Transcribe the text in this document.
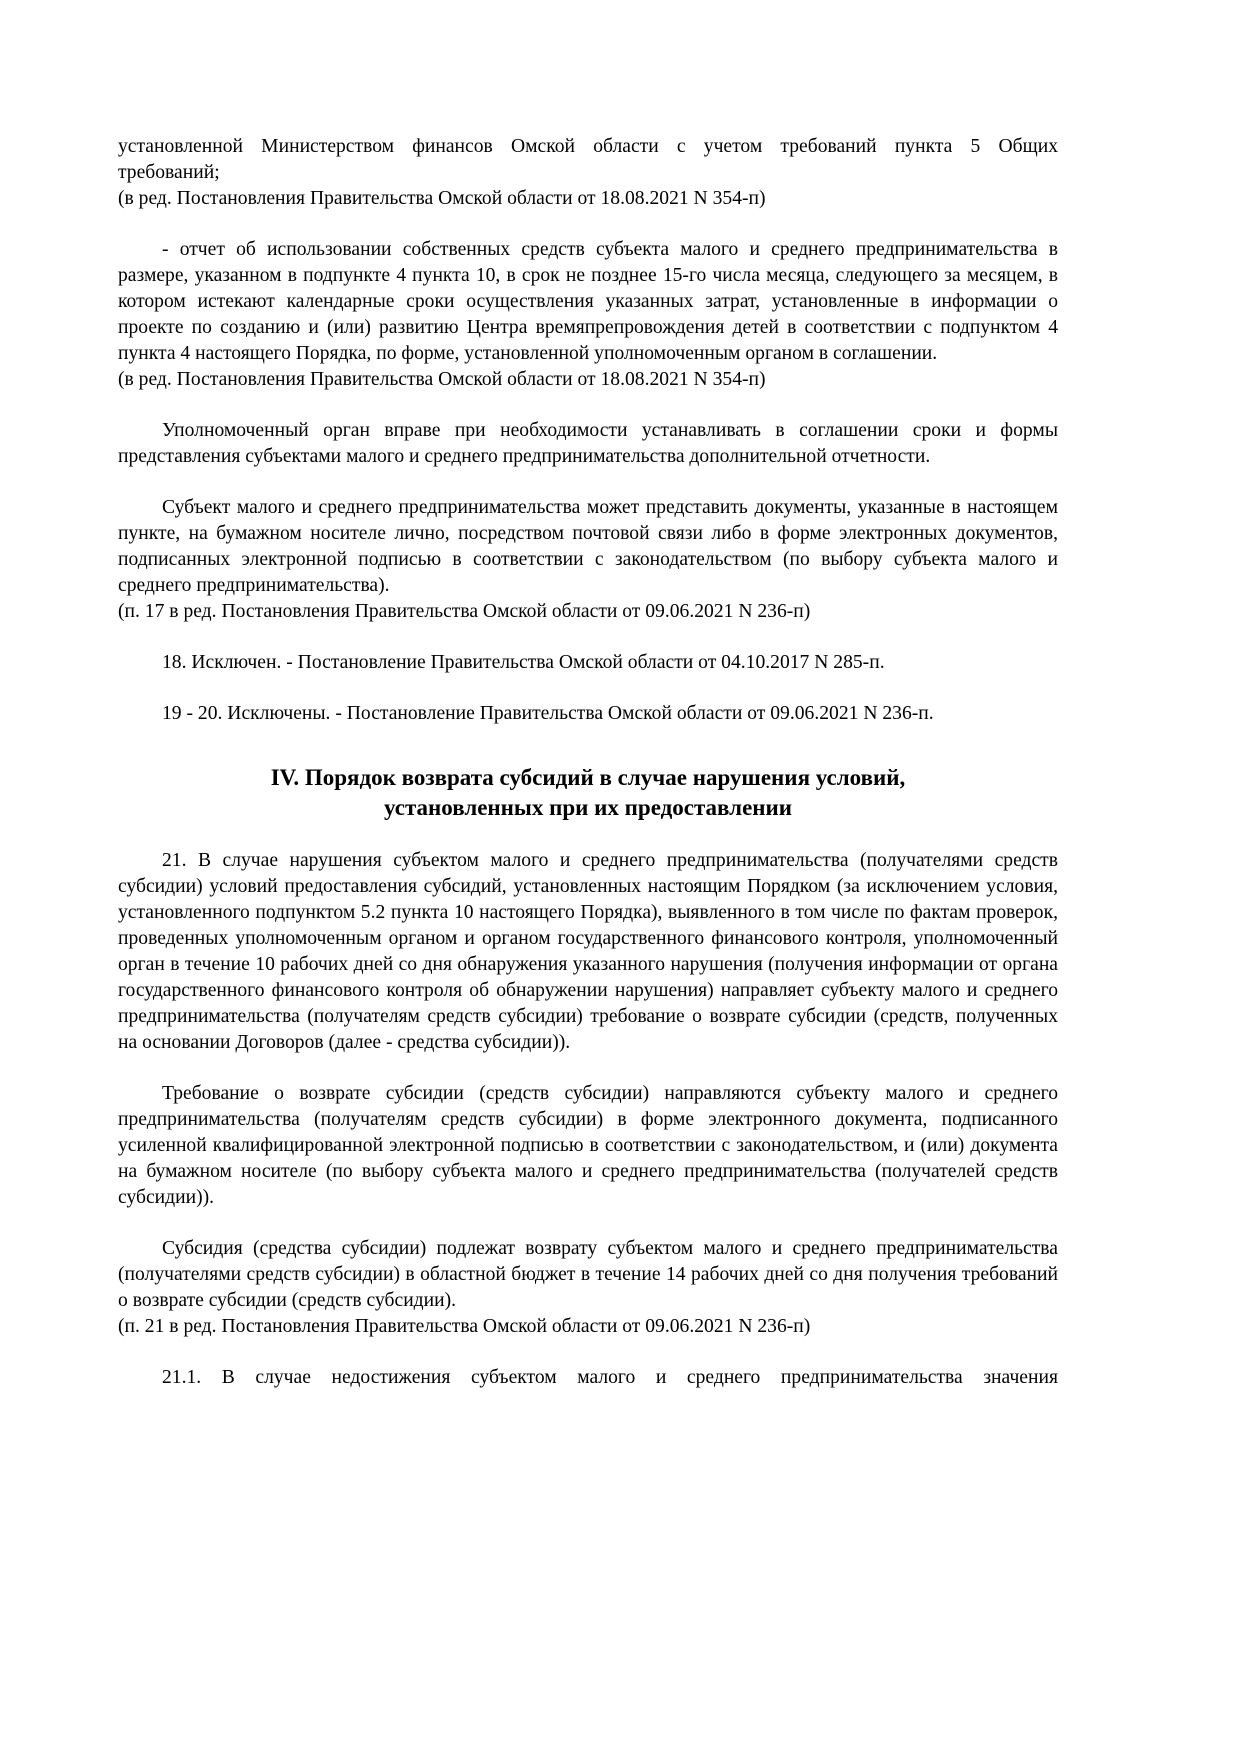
установленной Министерством финансов Омской области с учетом требований пункта 5 Общих

требований;

(в ред. Постановления Правительства Омской области от 18.08.2021 N 354-п)

- отчет об использовании собственных средств субъекта малого и среднего предпринимательства в размере, указанном в подпункте 4 пункта 10, в срок не позднее 15-го числа месяца, следующего за месяцем, в котором истекают календарные сроки осуществления указанных затрат, установленные в информации о проекте по созданию и (или) развитию Центра времяпрепровождения детей в соответствии с подпунктом 4 пункта 4 настоящего Порядка, по форме, установленной уполномоченным органом в соглашении.

(в ред. Постановления Правительства Омской области от 18.08.2021 N 354-п)

Уполномоченный орган вправе при необходимости устанавливать в соглашении сроки и формы представления субъектами малого и среднего предпринимательства дополнительной отчетности.

Субъект малого и среднего предпринимательства может представить документы, указанные в настоящем пункте, на бумажном носителе лично, посредством почтовой связи либо в форме электронных документов, подписанных электронной подписью в соответствии с законодательством (по выбору субъекта малого и среднего предпринимательства).

(п. 17 в ред. Постановления Правительства Омской области от 09.06.2021 N 236-п)

18. Исключен. - Постановление Правительства Омской области от 04.10.2017 N 285-п.

19 - 20. Исключены. - Постановление Правительства Омской области от 09.06.2021 N 236-п.

IV. Порядок возврата субсидий в случае нарушения условий,
установленных при их предоставлении

21. В случае нарушения субъектом малого и среднего предпринимательства (получателями средств субсидии) условий предоставления субсидий, установленных настоящим Порядком (за исключением условия, установленного подпунктом 5.2 пункта 10 настоящего Порядка), выявленного в том числе по фактам проверок, проведенных уполномоченным органом и органом государственного финансового контроля, уполномоченный орган в течение 10 рабочих дней со дня обнаружения указанного нарушения (получения информации от органа государственного финансового контроля об обнаружении нарушения) направляет субъекту малого и среднего предпринимательства (получателям средств субсидии) требование о возврате субсидии (средств, полученных на основании Договоров (далее - средства субсидии)).

Требование о возврате субсидии (средств субсидии) направляются субъекту малого и среднего предпринимательства (получателям средств субсидии) в форме электронного документа, подписанного усиленной квалифицированной электронной подписью в соответствии с законодательством, и (или) документа на бумажном носителе (по выбору субъекта малого и среднего предпринимательства (получателей средств субсидии)).

Субсидия (средства субсидии) подлежат возврату субъектом малого и среднего предпринимательства (получателями средств субсидии) в областной бюджет в течение 14 рабочих дней со дня получения требований о возврате субсидии (средств субсидии).

(п. 21 в ред. Постановления Правительства Омской области от 09.06.2021 N 236-п)

21.1. В случае недостижения субъектом малого и среднего предпринимательства значения
